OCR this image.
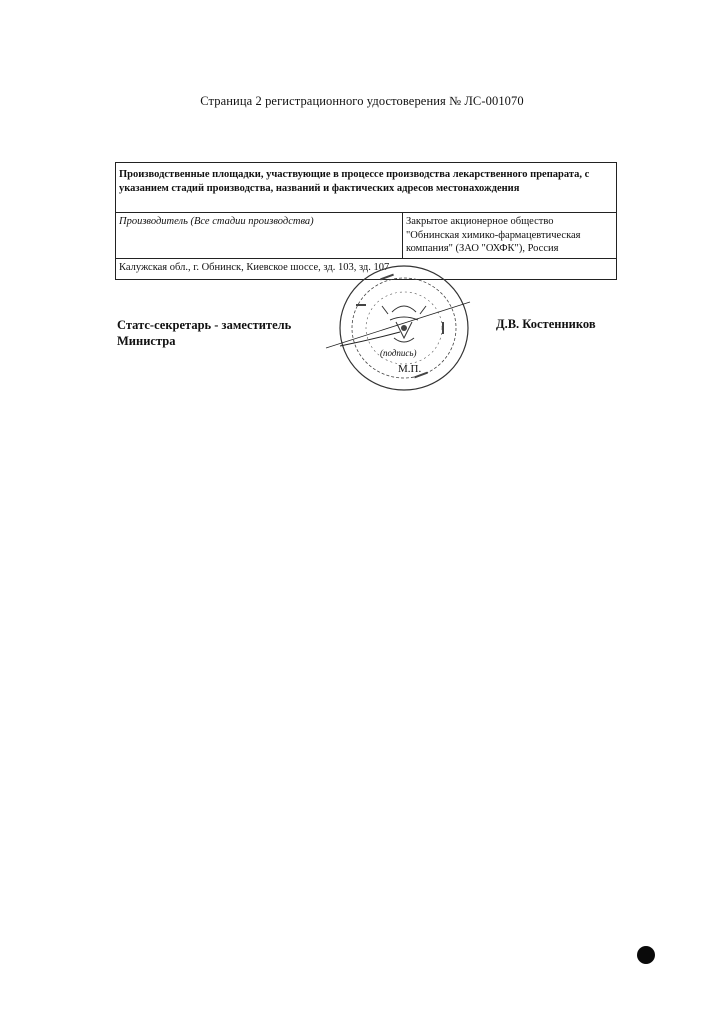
Страница 2 регистрационного удостоверения № ЛС-001070
Производственные площадки, участвующие в процессе производства лекарственного препарата, с указанием стадий производства, названий и фактических адресов местонахождения
Производитель (Все стадии производства)	Закрытое акционерное общество
"Обнинская химико-фармацевтическая
компания" (ЗАО "ОХФК"), Россия

Калужская обл., г. Обнинск, Киевское шоссе, зд. 103, зд. 107
Статс-секретарь - заместитель
Министра
(подпись)
М.П.
Д.В. Костенников
